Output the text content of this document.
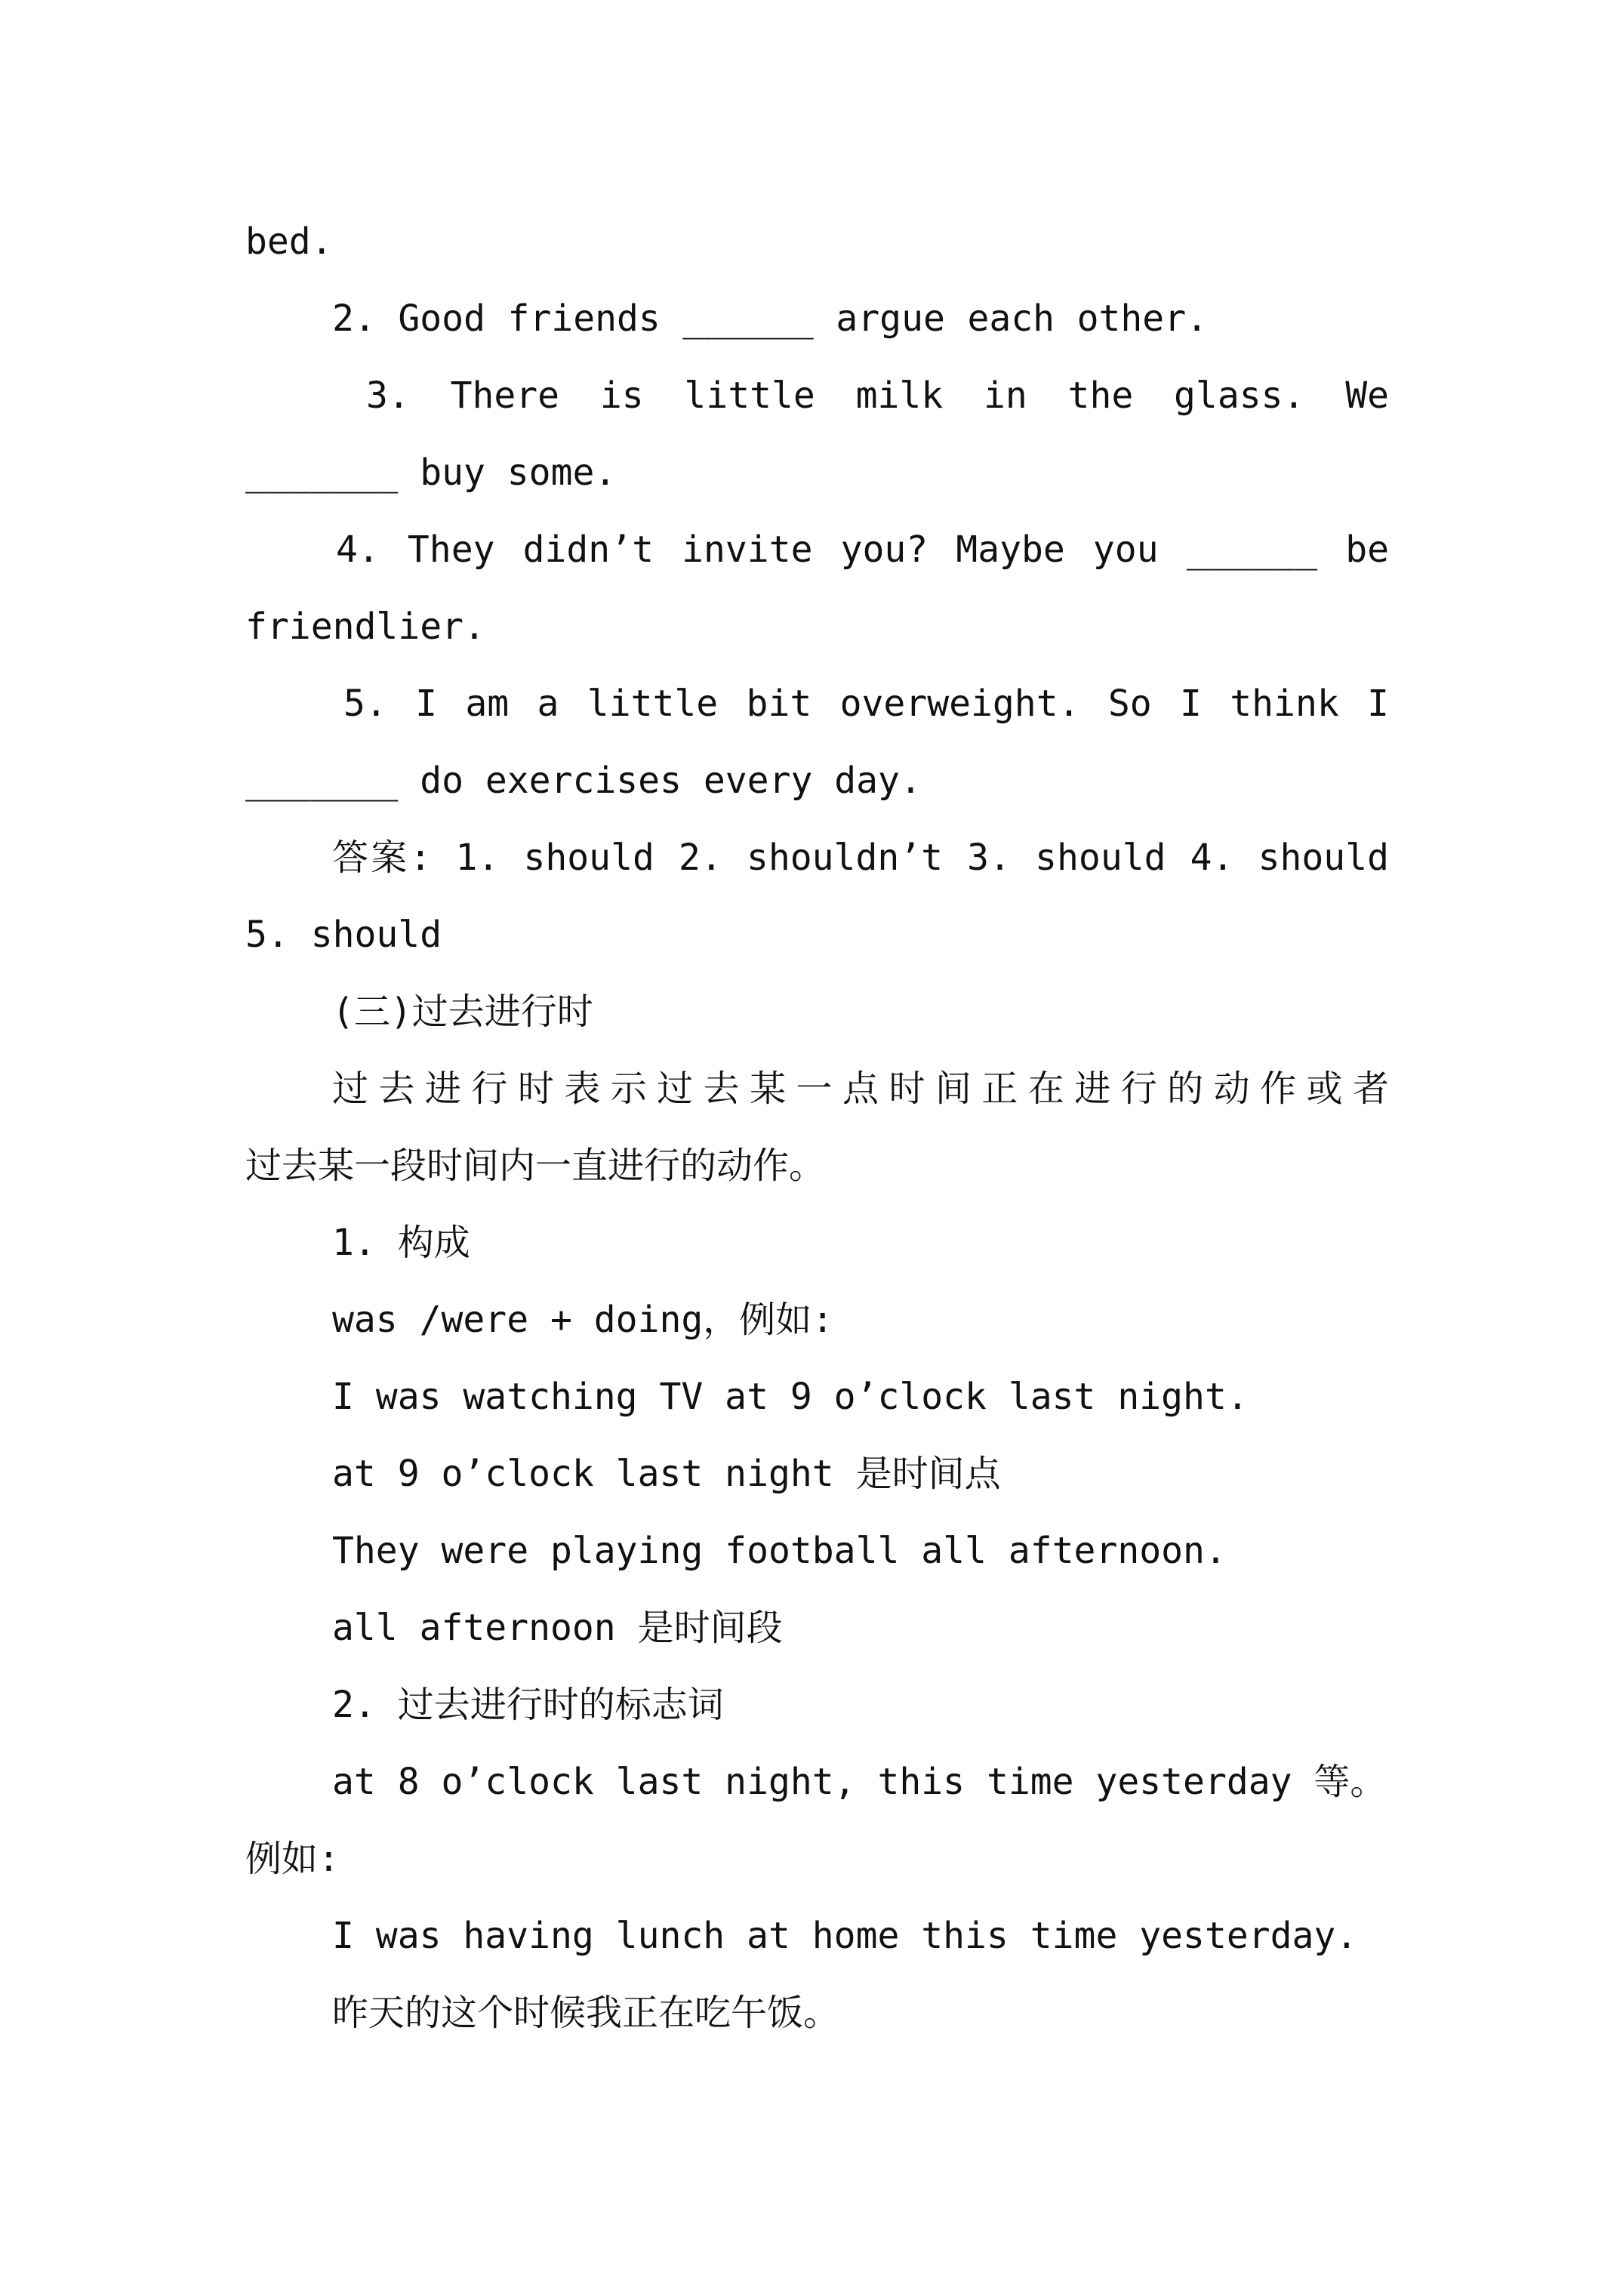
bed.
2. Good friends ______ argue each other.
3. There is little milk in the glass. We
_______ buy some.
4. They didn’t invite you? Maybe you ______ be
friendlier.
5. I am a little bit overweight. So I think I
_______ do exercises every day.
答案: 1. should 2. shouldn’t 3. should 4. should
5. should
(三)过去进行时
过去进行时表示过去某一点时间正在进行的动作或者
过去某一段时间内一直进行的动作。
1. 构成
was /were + doing，例如:
I was watching TV at 9 o’clock last night.
at 9 o’clock last night 是时间点
They were playing football all afternoon.
all afternoon 是时间段
2. 过去进行时的标志词
at 8 o’clock last night, this time yesterday 等。
例如:
I was having lunch at home this time yesterday.
昨天的这个时候我正在吃午饭。
